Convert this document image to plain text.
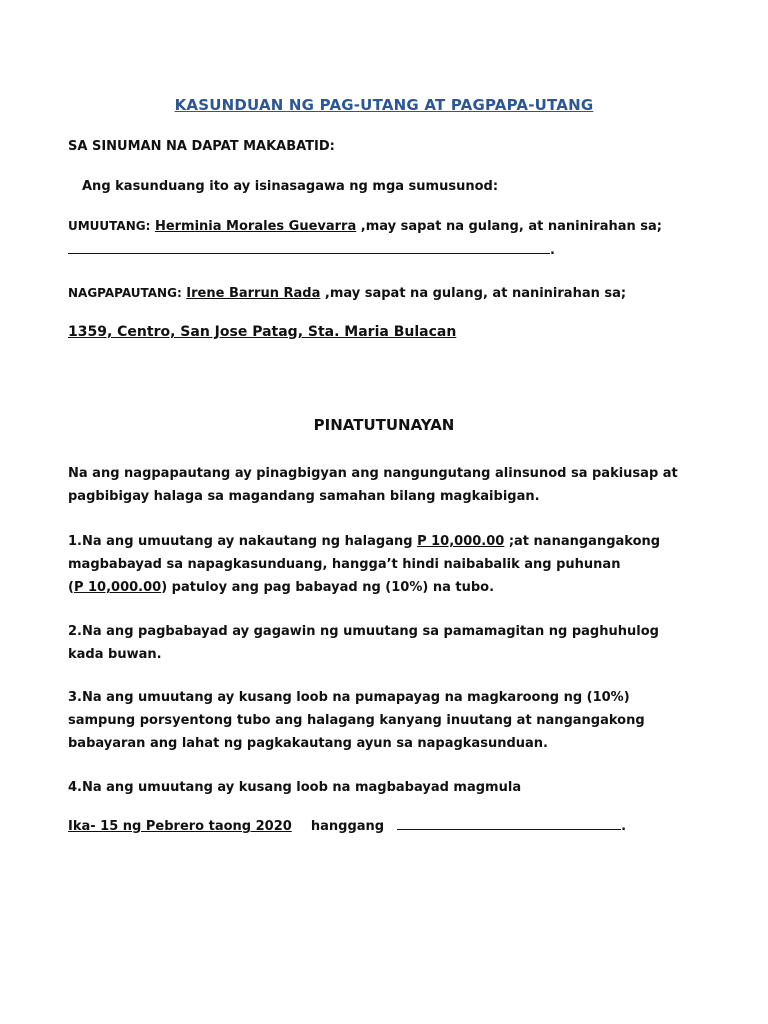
KASUNDUAN NG PAG-UTANG AT PAGPAPA-UTANG
SA SINUMAN NA DAPAT MAKABATID:
Ang kasunduang ito ay isinasagawa ng mga sumusunod:
UMUUTANG: Herminia Morales Guevarra ,may sapat na gulang, at naninirahan sa;
.
NAGPAPAUTANG: Irene Barrun Rada ,may sapat na gulang, at naninirahan sa;
1359, Centro, San Jose Patag, Sta. Maria Bulacan
PINATUTUNAYAN
Na ang nagpapautang ay pinagbigyan ang nangungutang alinsunod sa pakiusap at
pagbibigay halaga sa magandang samahan bilang magkaibigan.
1.Na ang umuutang ay nakautang ng halagang P 10,000.00 ;at nanangangakong
magbabayad sa napagkasunduang, hangga’t hindi naibabalik ang puhunan
(P 10,000.00) patuloy ang pag babayad ng (10%) na tubo.
2.Na ang pagbabayad ay gagawin ng umuutang sa pamamagitan ng paghuhulog
kada buwan.
3.Na ang umuutang ay kusang loob na pumapayag na magkaroong ng (10%)
sampung porsyentong tubo ang halagang kanyang inuutang at nangangakong
babayaran ang lahat ng pagkakautang ayun sa napagkasunduan.
4.Na ang umuutang ay kusang loob na magbabayad magmula
Ika- 15 ng Pebrero taong 2020 hanggang	.
